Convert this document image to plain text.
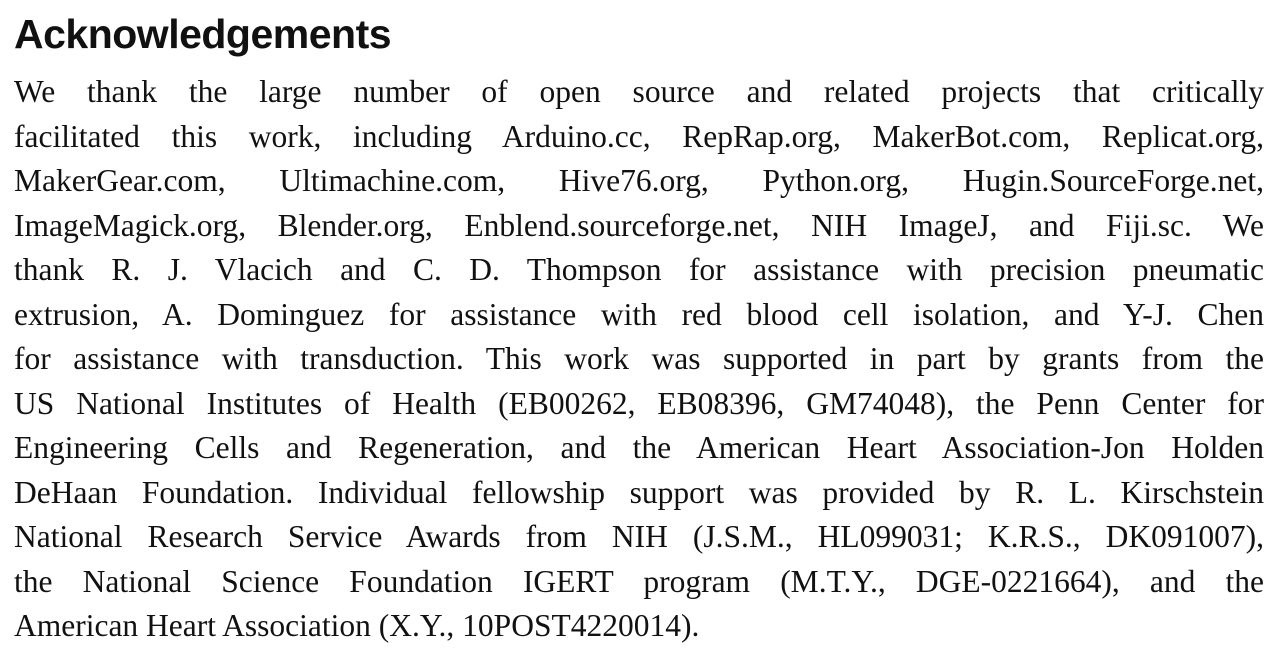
Acknowledgements

We thank the large number of open source and related projects that critically
facilitated this work, including Arduino.cc, RepRap.org, MakerBot.com, Replicat.org,
MakerGear.com, Ultimachine.com, Hive76.org, Python.org, Hugin.SourceForge.net,
ImageMagick.org, Blender.org, Enblend.sourceforge.net, NIH ImageJ, and Fiji.sc. We
thank R. J. Vlacich and C. D. Thompson for assistance with precision pneumatic
extrusion, A. Dominguez for assistance with red blood cell isolation, and Y-J. Chen
for assistance with transduction. This work was supported in part by grants from the
US National Institutes of Health (EB00262, EB08396, GM74048), the Penn Center for
Engineering Cells and Regeneration, and the American Heart Association-Jon Holden
DeHaan Foundation. Individual fellowship support was provided by R. L. Kirschstein
National Research Service Awards from NIH (J.S.M., HL099031; K.R.S., DK091007),
the National Science Foundation IGERT program (M.T.Y., DGE-0221664), and the
American Heart Association (X.Y., 10POST4220014).
